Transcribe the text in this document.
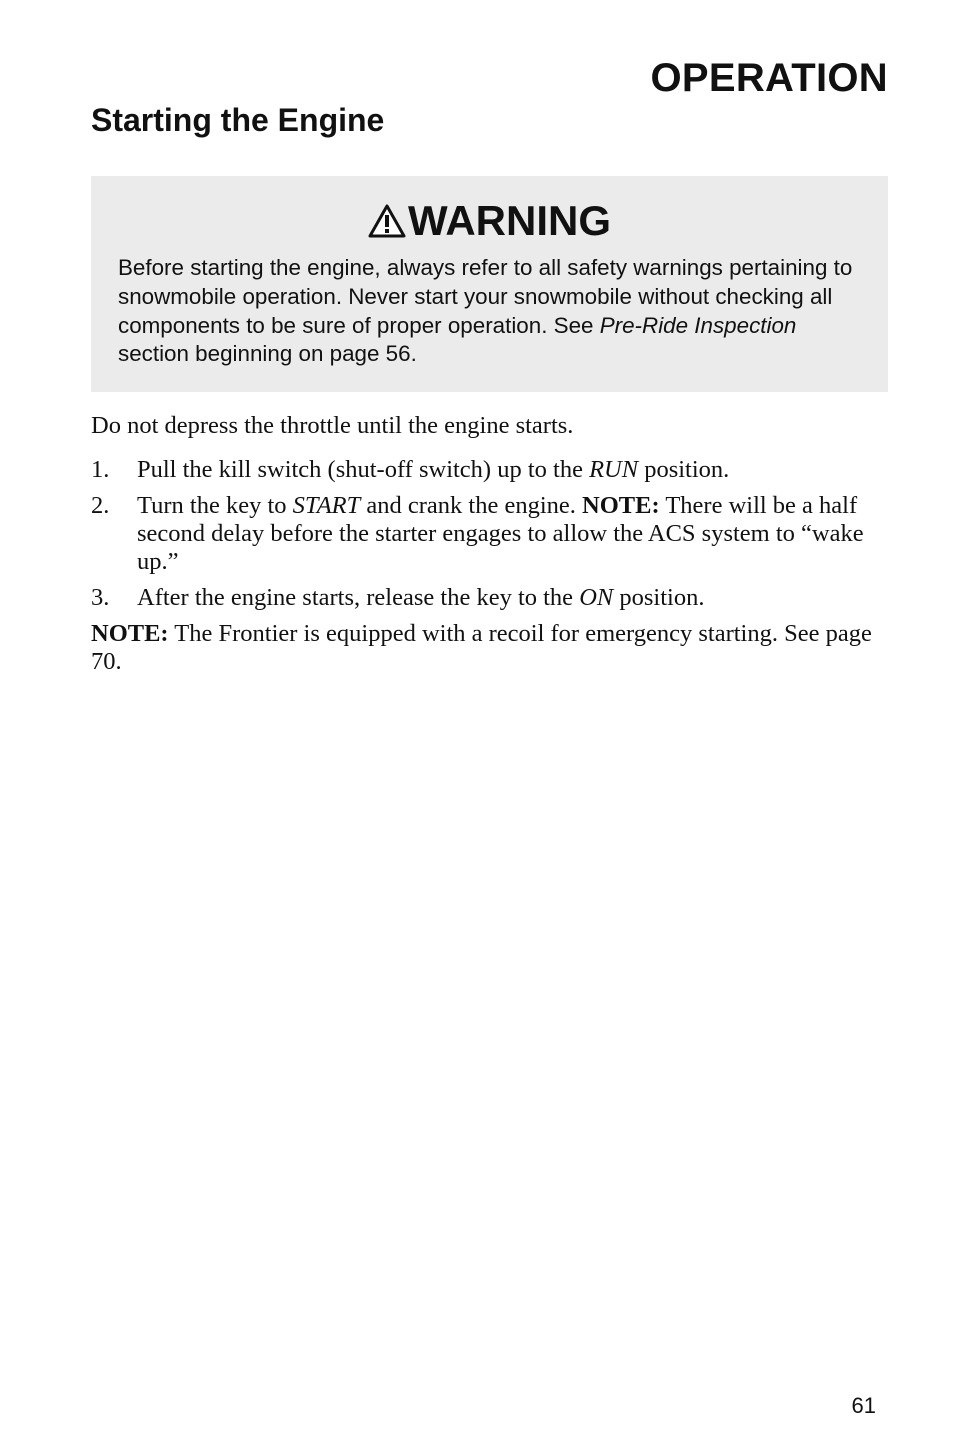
OPERATION
Starting the Engine
WARNING
Before starting the engine, always refer to all safety warnings pertaining to snowmobile operation. Never start your snowmobile without checking all components to be sure of proper operation. See Pre-Ride Inspection section beginning on page 56.

Do not depress the throttle until the engine starts.

1. Pull the kill switch (shut-off switch) up to the RUN position.
2. Turn the key to START and crank the engine. NOTE: There will be a half second delay before the starter engages to allow the ACS system to “wake up.”
3. After the engine starts, release the key to the ON position.

NOTE: The Frontier is equipped with a recoil for emergency starting. See page 70.

61
